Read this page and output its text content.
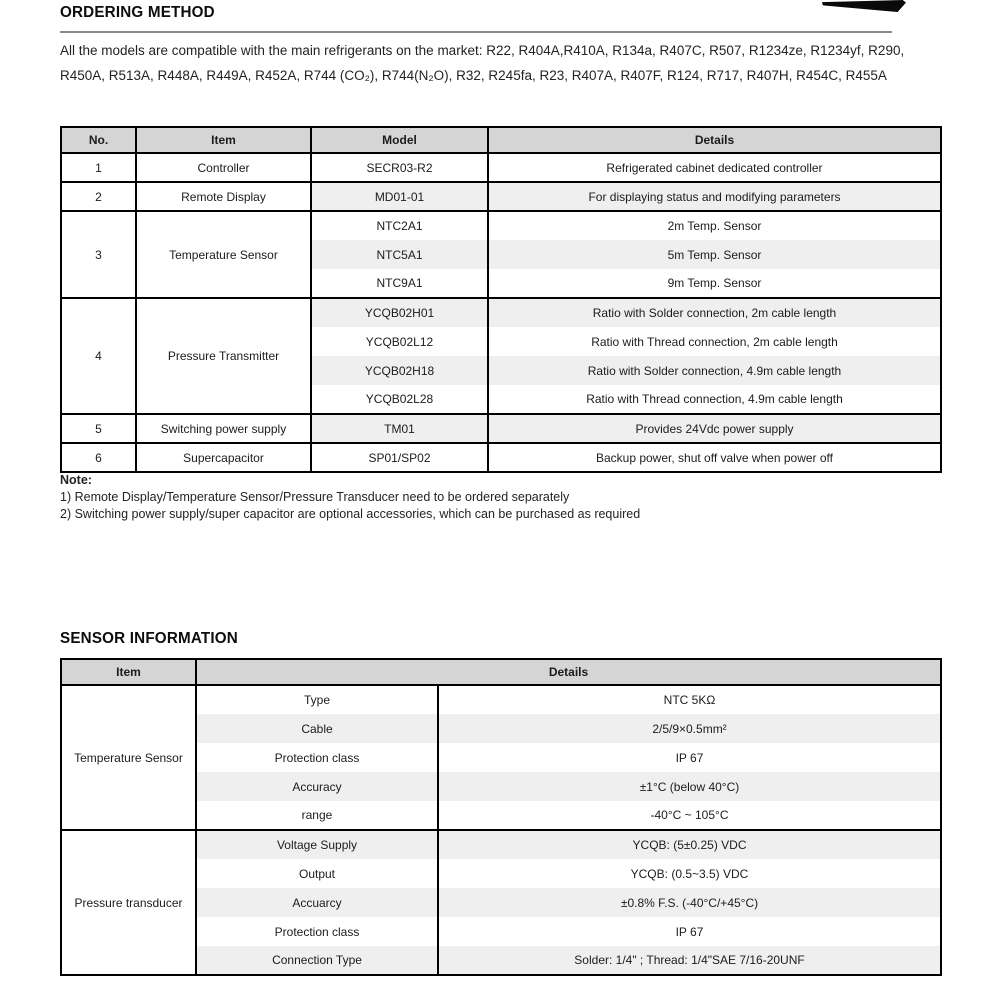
ORDERING METHOD

All the models are compatible with the main refrigerants on the market: R22, R404A,R410A, R134a, R407C, R507, R1234ze, R1234yf, R290, R450A, R513A, R448A, R449A, R452A, R744 (CO₂), R744(N₂O), R32, R245fa, R23, R407A, R407F, R124, R717, R407H, R454C, R455A

No.	Item	Model	Details
1	Controller	SECR03-R2	Refrigerated cabinet dedicated controller
2	Remote Display	MD01-01	For displaying status and modifying parameters
3	Temperature Sensor	NTC2A1	2m Temp. Sensor
		NTC5A1	5m Temp. Sensor
		NTC9A1	9m Temp. Sensor
4	Pressure Transmitter	YCQB02H01	Ratio with Solder connection, 2m cable length
		YCQB02L12	Ratio with Thread connection, 2m cable length
		YCQB02H18	Ratio with Solder connection, 4.9m cable length
		YCQB02L28	Ratio with Thread connection, 4.9m cable length
5	Switching power supply	TM01	Provides 24Vdc power supply
6	Supercapacitor	SP01/SP02	Backup power, shut off valve when power off
Note:
1) Remote Display/Temperature Sensor/Pressure Transducer need to be ordered separately
2) Switching power supply/super capacitor are optional accessories, which can be purchased as required
SENSOR INFORMATION
Item	Details	
Temperature Sensor	Type	NTC 5KΩ
	Cable	2/5/9×0.5mm²
	Protection class	IP 67
	Accuracy	±1°C (below 40°C)
	range	-40°C ~ 105°C
Pressure transducer	Voltage Supply	YCQB: (5±0.25) VDC
	Output	YCQB: (0.5~3.5) VDC
	Accuarcy	±0.8% F.S. (-40°C/+45°C)
	Protection class	IP 67
	Connection Type	Solder: 1/4" ; Thread: 1/4"SAE 7/16-20UNF
